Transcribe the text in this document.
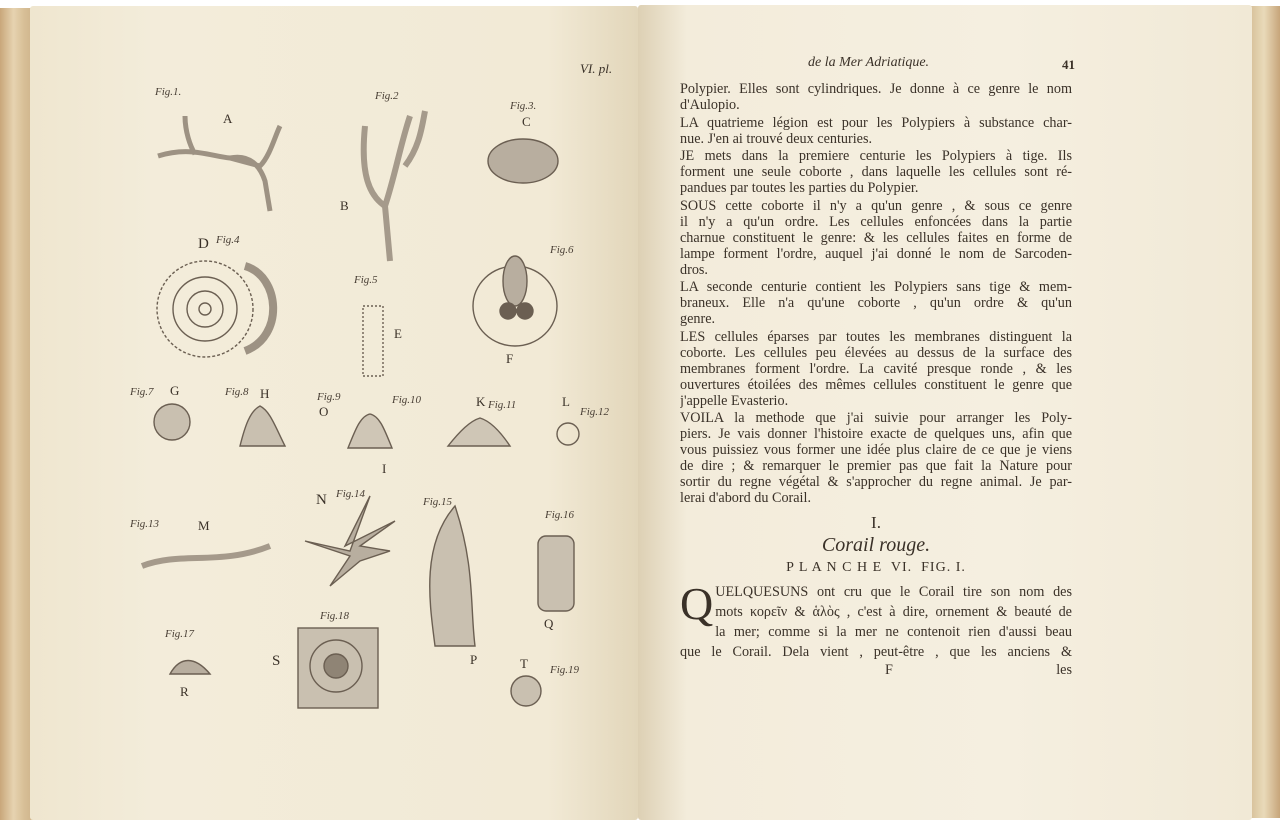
VI. pl.
Fig.1.
A
Fig.2
B
Fig.3.
C
D Fig.4
Fig.5
E
Fig.6
F
Fig.7 G	Fig.8 H	Fig.9
O
Fig.10
I
K Fig.11	L
Fig.12
Fig.13	M
N Fig.14
Fig.15
Fig.16
P
Q
Fig.17
R
Fig.18
S	T Fig.19
de la Mer Adriatique.	41
Polypier. Elles sont cylindriques. Je donne à ce genre le nom
d'Aulopio.
LA quatrieme légion est pour les Polypiers à substance char-
nue. J'en ai trouvé deux centuries.
JE mets dans la premiere centurie les Polypiers à tige. Ils
forment une seule coborte , dans laquelle les cellules sont ré-
pandues par toutes les parties du Polypier.
SOUS cette coborte il n'y a qu'un genre , & sous ce genre
il n'y a qu'un ordre. Les cellules enfoncées dans la partie
charnue constituent le genre: & les cellules faites en forme de
lampe forment l'ordre, auquel j'ai donné le nom de Sarcoden-
dros.
LA seconde centurie contient les Polypiers sans tige & mem-
braneux. Elle n'a qu'une coborte , qu'un ordre & qu'un
genre.
LES cellules éparses par toutes les membranes distinguent la
coborte. Les cellules peu élevées au dessus de la surface des
membranes forment l'ordre. La cavité presque ronde , & les
ouvertures étoilées des mêmes cellules constituent le genre que
j'appelle Evasterio.
VOILA la methode que j'ai suivie pour arranger les Poly-
piers. Je vais donner l'histoire exacte de quelques uns, afin que
vous puissiez vous former une idée plus claire de ce que je viens
de dire ; & remarquer le premier pas que fait la Nature pour
sortir du regne végétal & s'approcher du regne animal. Je par-
lerai d'abord du Corail.
I.
Corail rouge.
P L A N C H E  VI.  FIG. I.
Q UELQUESUNS ont cru que le Corail tire son nom des
mots κορεῖν & ἁλὸς , c'est à dire, ornement & beauté de
la mer; comme si la mer ne contenoit rien d'aussi beau
que le Corail. Dela vient , peut-être , que les anciens &
F	les
